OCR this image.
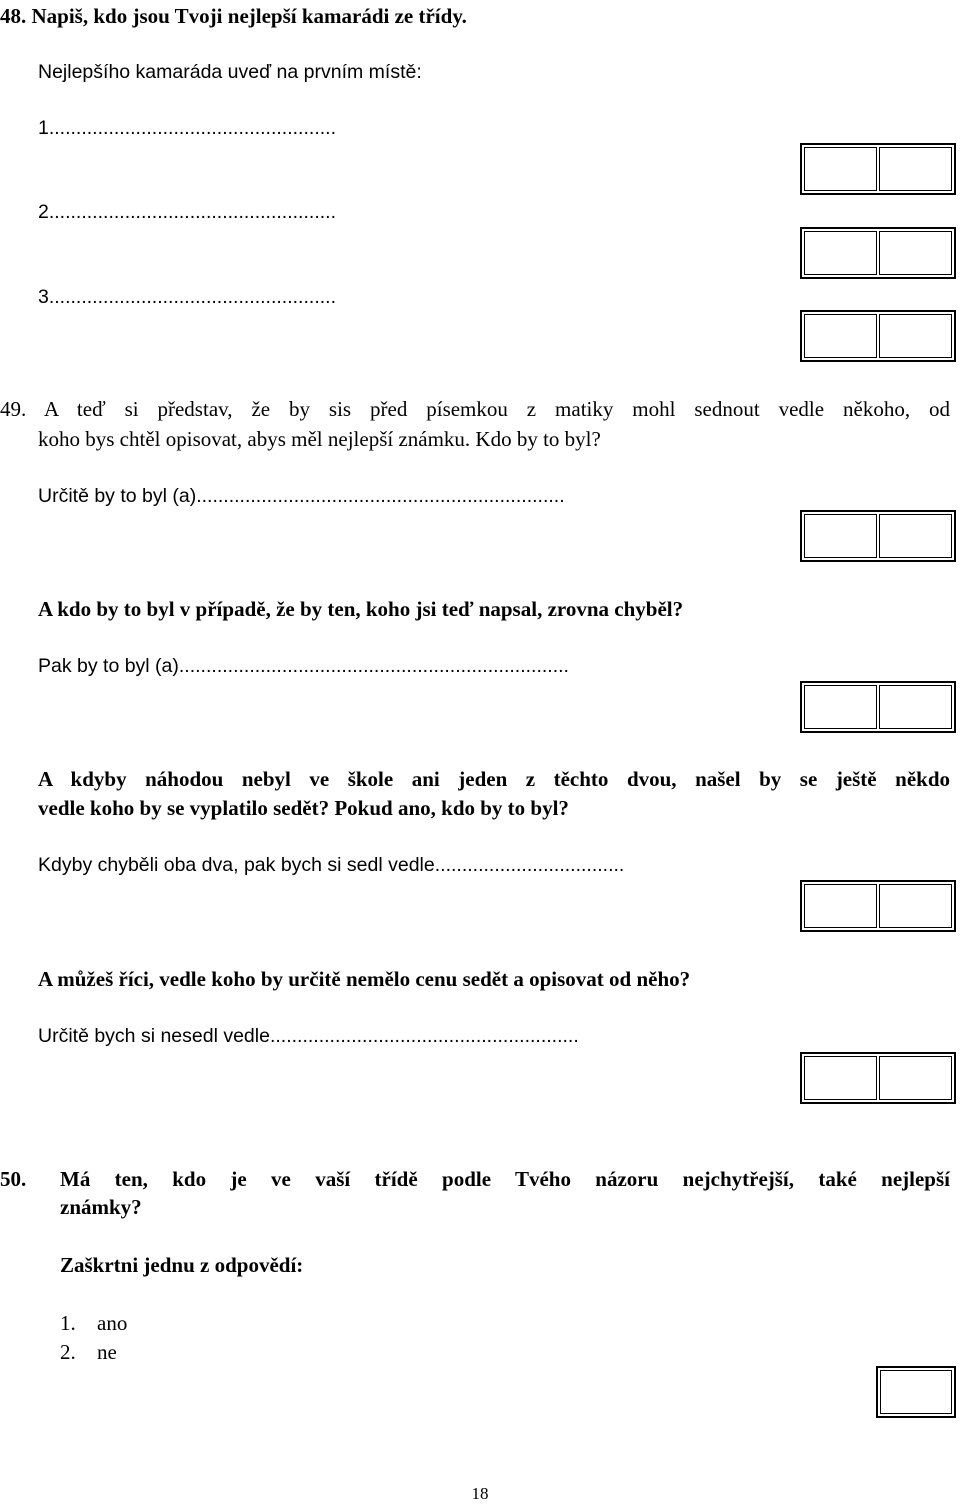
48. Napiš, kdo jsou Tvoji nejlepší kamarádi ze třídy.
Nejlepšího kamaráda uveď na prvním místě:
1.....................................................
2.....................................................
3.....................................................
49. A teď si představ, že by sis před písemkou z matiky mohl sednout vedle někoho, od
koho bys chtěl opisovat, abys měl nejlepší známku. Kdo by to byl?
Určitě by to byl (a)....................................................................
A kdo by to byl v případě, že by ten, koho jsi teď napsal, zrovna chyběl?
Pak by to byl (a)........................................................................
A kdyby náhodou nebyl ve škole ani jeden z těchto dvou, našel by se ještě někdo
vedle koho by se vyplatilo sedět? Pokud ano, kdo by to byl?
Kdyby chyběli oba dva, pak bych si sedl vedle...................................
A můžeš říci, vedle koho by určitě nemělo cenu sedět a opisovat od něho?
Určitě bych si nesedl vedle.........................................................
50. Má ten, kdo je ve vaší třídě podle Tvého názoru nejchytřejší, také nejlepší
známky?
Zaškrtni jednu z odpovědí:
1. ano
2. ne
18
